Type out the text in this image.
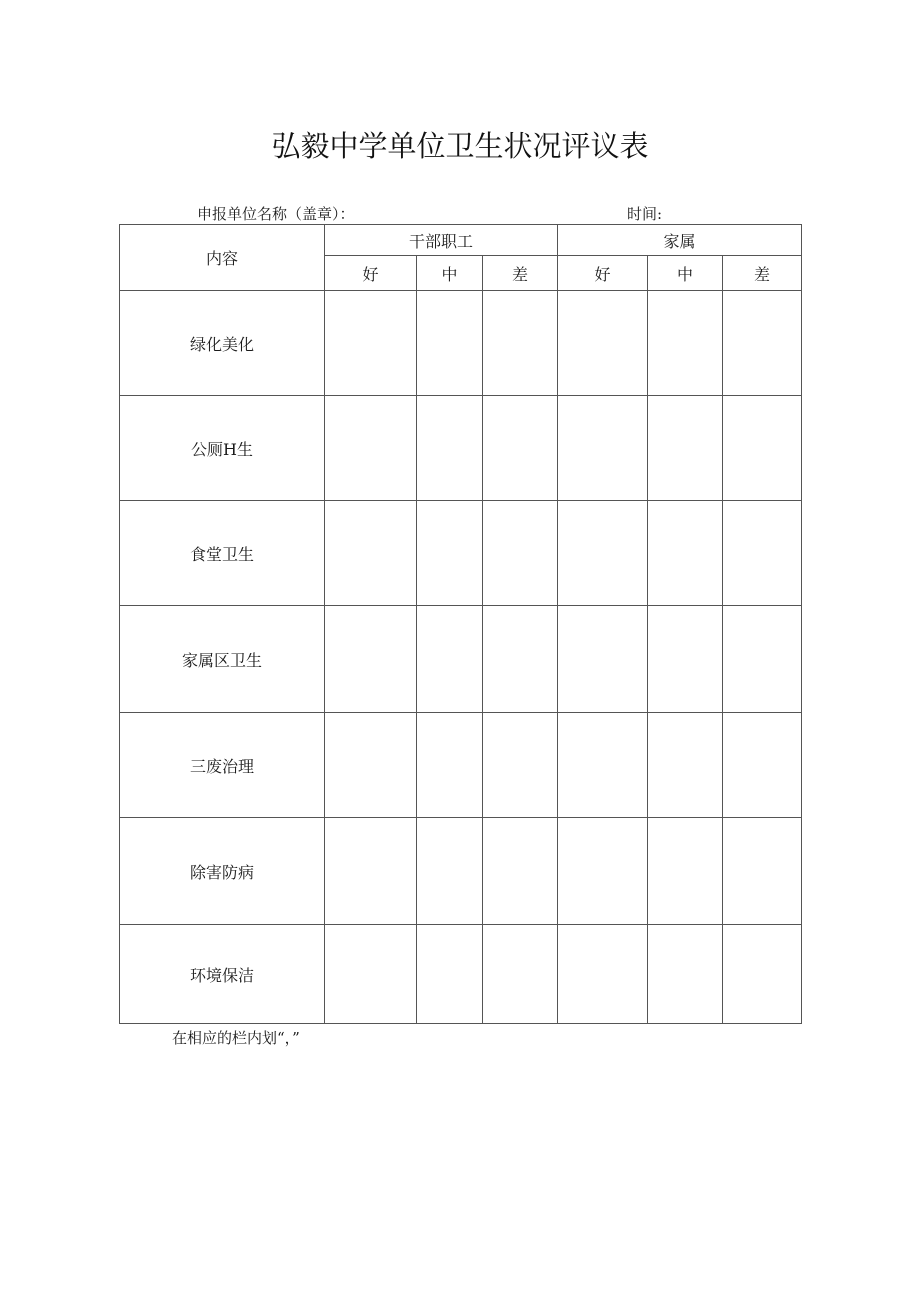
弘毅中学单位卫生状况评议表
申报单位名称（盖章）：	时间:
内容	干部职工			家属		
	好	中	差	好	中	差
绿化美化						
公厕H生						
食堂卫生						
家属区卫生						
三废治理						
除害防病						
环境保洁						
在相应的栏内划“，”
